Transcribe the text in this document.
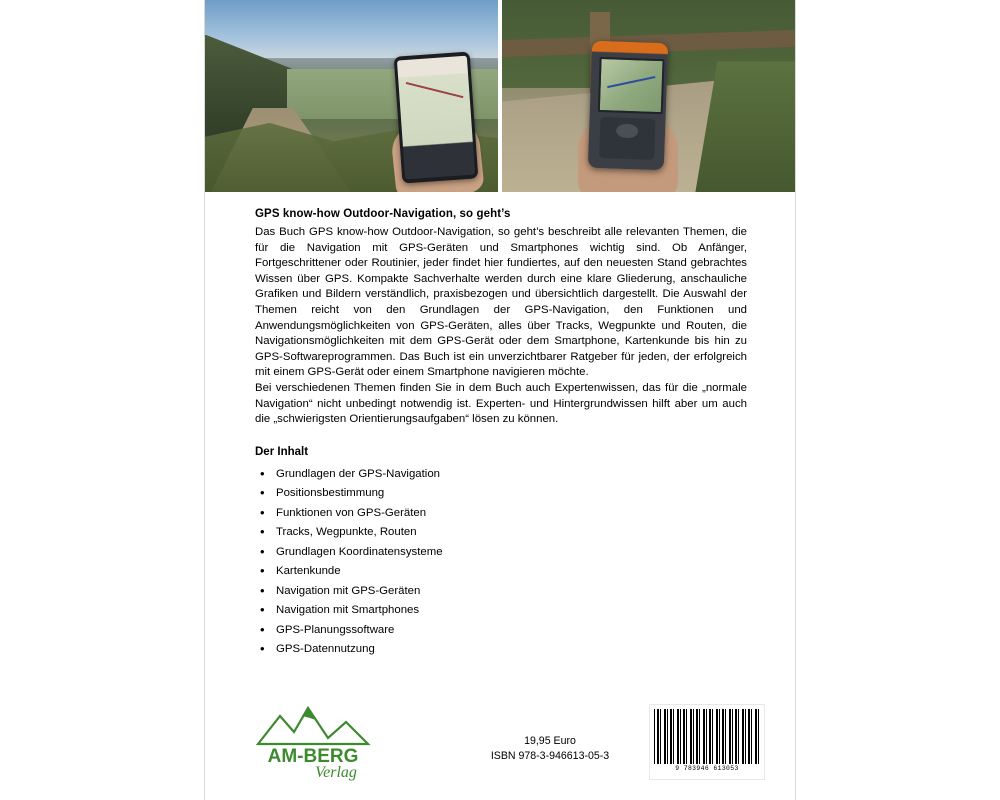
GPS know-how Outdoor-Navigation, so geht’s

Das Buch GPS know-how Outdoor-Navigation, so geht’s beschreibt alle relevanten Themen, die für die Navigation mit GPS-Geräten und Smartphones wichtig sind. Ob Anfänger, Fortgeschrittener oder Routinier, jeder findet hier fundiertes, auf den neuesten Stand gebrachtes Wissen über GPS. Kompakte Sachverhalte werden durch eine klare Gliederung, anschauliche Grafiken und Bildern verständlich, praxisbezogen und übersichtlich dargestellt. Die Auswahl der Themen reicht von den Grundlagen der GPS-Navigation, den Funktionen und Anwendungsmöglichkeiten von GPS-Geräten, alles über Tracks, Wegpunkte und Routen, die Navigationsmöglichkeiten mit dem GPS-Gerät oder dem Smartphone, Kartenkunde bis hin zu GPS-Softwareprogrammen. Das Buch ist ein unverzichtbarer Ratgeber für jeden, der erfolgreich mit einem GPS-Gerät oder einem Smartphone navigieren möchte.

Bei verschiedenen Themen finden Sie in dem Buch auch Expertenwissen, das für die „normale Navigation“ nicht unbedingt notwendig ist. Experten- und Hintergrundwissen hilft aber um auch die „schwierigsten Orientierungsaufgaben“ lösen zu können.

Der Inhalt
• Grundlagen der GPS-Navigation
• Positionsbestimmung
• Funktionen von GPS-Geräten
• Tracks, Wegpunkte, Routen
• Grundlagen Koordinatensysteme
• Kartenkunde
• Navigation mit GPS-Geräten
• Navigation mit Smartphones
• GPS-Planungssoftware
• GPS-Datennutzung
AM-BERG
Verlag
19,95 Euro
ISBN 978-3-946613-05-3
9 783946 613053
